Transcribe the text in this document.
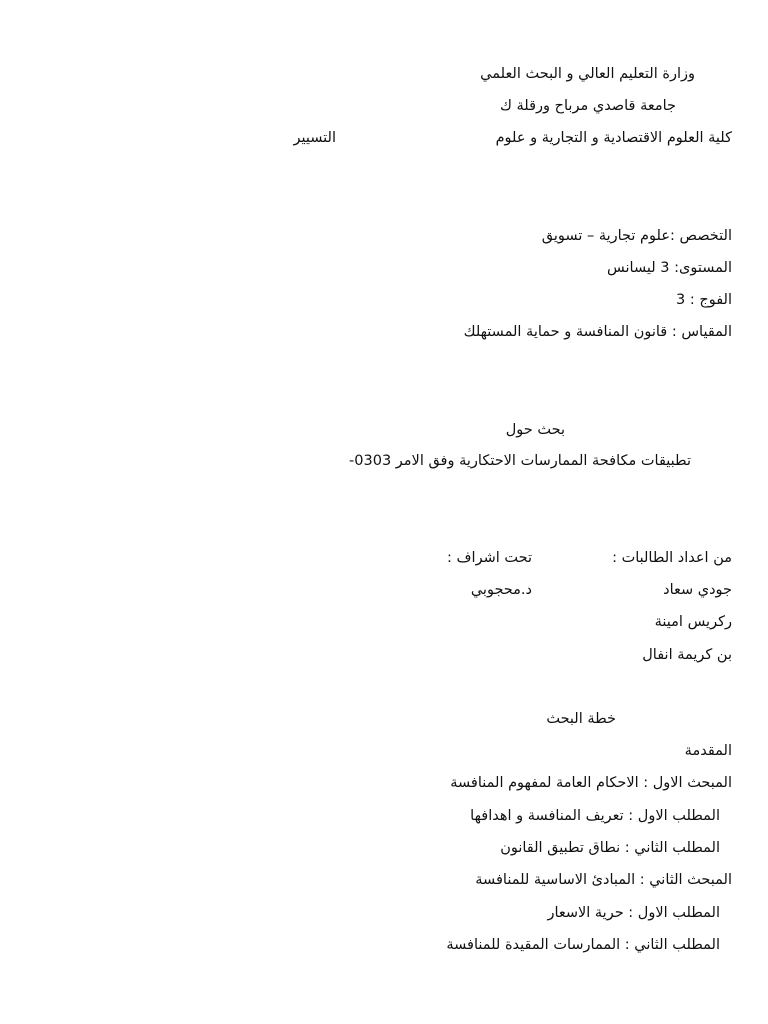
وزارة التعليم العالي و البحث العلمي
جامعة قاصدي مرباح ورقلة ك
كلية العلوم الاقتصادية و التجارية و علوم
التسيير
التخصص :علوم تجارية – تسويق
المستوى: 3 ليسانس
الفوج : 3
المقياس : قانون المنافسة و حماية المستهلك
بحث حول
تطبيقات مكافحة الممارسات الاحتكارية وفق الامر 0303-
من اعداد الطالبات :
تحت اشراف :
جودي سعاد
د.محجوبي
ركريس امينة
بن كريمة انفال
خطة البحث
المقدمة
المبحث الاول : الاحكام العامة لمفهوم المنافسة
المطلب الاول : تعريف المنافسة و اهدافها
المطلب الثاني : نطاق تطبيق القانون
المبحث الثاني : المبادئ الاساسية للمنافسة
المطلب الاول : حرية الاسعار
المطلب الثاني : الممارسات المقيدة للمنافسة
